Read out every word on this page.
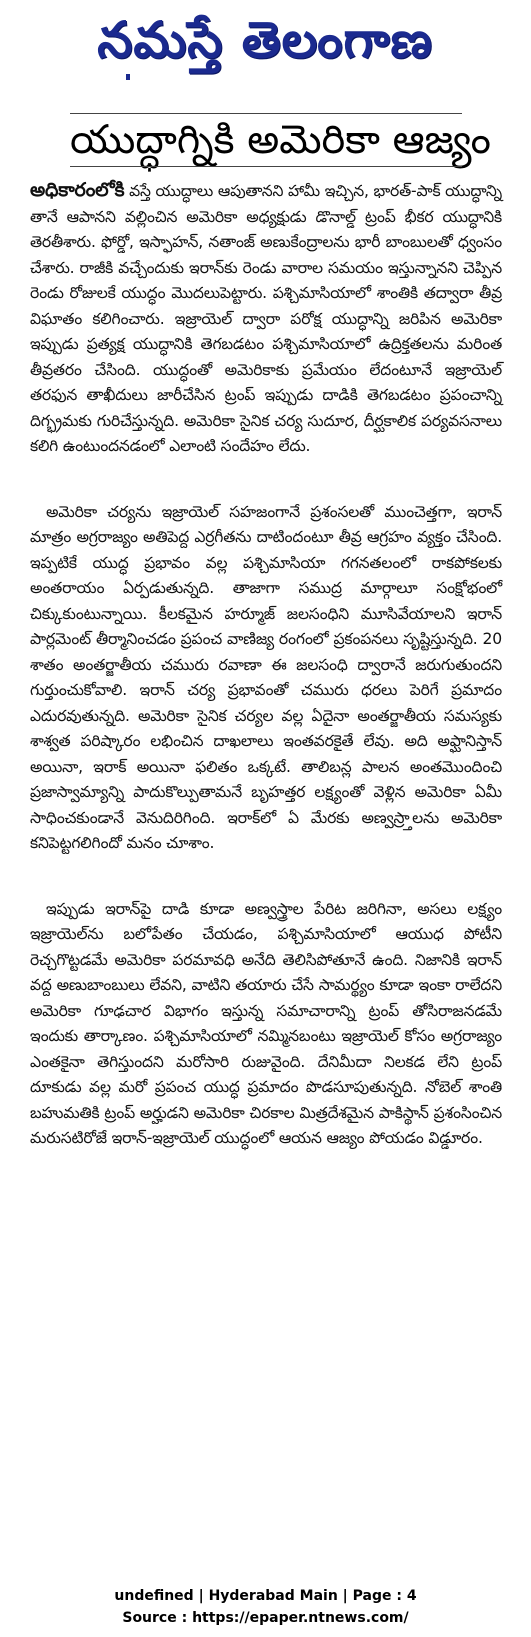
నమస్తే తెలంగాణ
యుద్ధాగ్నికి అమెరికా ఆజ్యం

అధికారంలోకి వస్తే యుద్ధాలు ఆపుతానని హామీ ఇచ్చిన, భారత్-పాక్ యుద్ధాన్ని తానే ఆపానని వల్లించిన అమెరికా అధ్యక్షుడు డొనాల్డ్ ట్రంప్ భీకర యుద్ధానికి తెరతీశారు. ఫోర్డో, ఇస్ఫాహన్, నతాంజ్ అణుకేంద్రాలను భారీ బాంబులతో ధ్వంసం చేశారు. రాజీకి వచ్చేందుకు ఇరాన్‌కు రెండు వారాల సమయం ఇస్తున్నానని చెప్పిన రెండు రోజులకే యుద్ధం మొదలుపెట్టారు. పశ్చిమాసియాలో శాంతికి తద్వారా తీవ్ర విఘాతం కలిగించారు. ఇజ్రాయెల్ ద్వారా పరోక్ష యుద్ధాన్ని జరిపిన అమెరికా ఇప్పుడు ప్రత్యక్ష యుద్ధానికి తెగబడటం పశ్చిమాసియాలో ఉద్రిక్తతలను మరింత తీవ్రతరం చేసింది. యుద్ధంతో అమెరికాకు ప్రమేయం లేదంటూనే ఇజ్రాయెల్ తరఫున తాఖీదులు జారీచేసిన ట్రంప్ ఇప్పుడు దాడికి తెగబడటం ప్రపంచాన్ని దిగ్భ్రమకు గురిచేస్తున్నది. అమెరికా సైనిక చర్య సుదూర, దీర్ఘకాలిక పర్యవసనాలు కలిగి ఉంటుందనడంలో ఎలాంటి సందేహం లేదు.

అమెరికా చర్యను ఇజ్రాయెల్ సహజంగానే ప్రశంసలతో ముంచెత్తగా, ఇరాన్ మాత్రం అగ్రరాజ్యం అతిపెద్ద ఎర్రగీతను దాటిందంటూ తీవ్ర ఆగ్రహం వ్యక్తం చేసింది. ఇప్పటికే యుద్ధ ప్రభావం వల్ల పశ్చిమాసియా గగనతలంలో రాకపోకలకు అంతరాయం ఏర్పడుతున్నది. తాజాగా సముద్ర మార్గాలూ సంక్షోభంలో చిక్కుకుంటున్నాయి. కీలకమైన హర్మూజ్ జలసంధిని మూసివేయాలని ఇరాన్ పార్లమెంట్ తీర్మానించడం ప్రపంచ వాణిజ్య రంగంలో ప్రకంపనలు సృష్టిస్తున్నది. 20 శాతం అంతర్జాతీయ చమురు రవాణా ఈ జలసంధి ద్వారానే జరుగుతుందని గుర్తుంచుకోవాలి. ఇరాన్ చర్య ప్రభావంతో చమురు ధరలు పెరిగే ప్రమాదం ఎదురవుతున్నది. అమెరికా సైనిక చర్యల వల్ల ఏదైనా అంతర్జాతీయ సమస్యకు శాశ్వత పరిష్కారం లభించిన దాఖలాలు ఇంతవరకైతే లేవు. అది అఫ్ఘానిస్తాన్ అయినా, ఇరాక్ అయినా ఫలితం ఒక్కటే. తాలిబన్ల పాలన అంతమొందించి ప్రజాస్వామ్యాన్ని పాదుకొల్పుతామనే బృహత్తర లక్ష్యంతో వెళ్లిన అమెరికా ఏమీ సాధించకుండానే వెనుదిరిగింది. ఇరాక్‌లో ఏ మేరకు అణ్వస్ర్తాలను అమెరికా కనిపెట్టగలిగిందో మనం చూశాం.

ఇప్పుడు ఇరాన్‌పై దాడి కూడా అణ్వస్త్రాల పేరిట జరిగినా, అసలు లక్ష్యం ఇజ్రాయెల్‌ను బలోపేతం చేయడం, పశ్చిమాసియాలో ఆయుధ పోటీని రెచ్చగొట్టడమే అమెరికా పరమావధి అనేది తెలిసిపోతూనే ఉంది. నిజానికి ఇరాన్ వద్ద అణుబాంబులు లేవని, వాటిని తయారు చేసే సామర్థ్యం కూడా ఇంకా రాలేదని అమెరికా గూఢచార విభాగం ఇస్తున్న సమాచారాన్ని ట్రంప్ తోసిరాజనడమే ఇందుకు తార్కాణం. పశ్చిమాసియాలో నమ్మినబంటు ఇజ్రాయెల్ కోసం అగ్రరాజ్యం ఎంతకైనా తెగిస్తుందని మరోసారి రుజువైంది. దేనిమీదా నిలకడ లేని ట్రంప్ దూకుడు వల్ల మరో ప్రపంచ యుద్ధ ప్రమాదం పొడసూపుతున్నది. నోబెల్ శాంతి బహుమతికి ట్రంప్ అర్హుడని అమెరికా చిరకాల మిత్రదేశమైన పాకిస్థాన్ ప్రశంసించిన మరుసటిరోజే ఇరాన్-ఇజ్రాయెల్ యుద్ధంలో ఆయన ఆజ్యం పోయడం విడ్డూరం.

undefined | Hyderabad Main | Page : 4
Source : https://epaper.ntnews.com/
